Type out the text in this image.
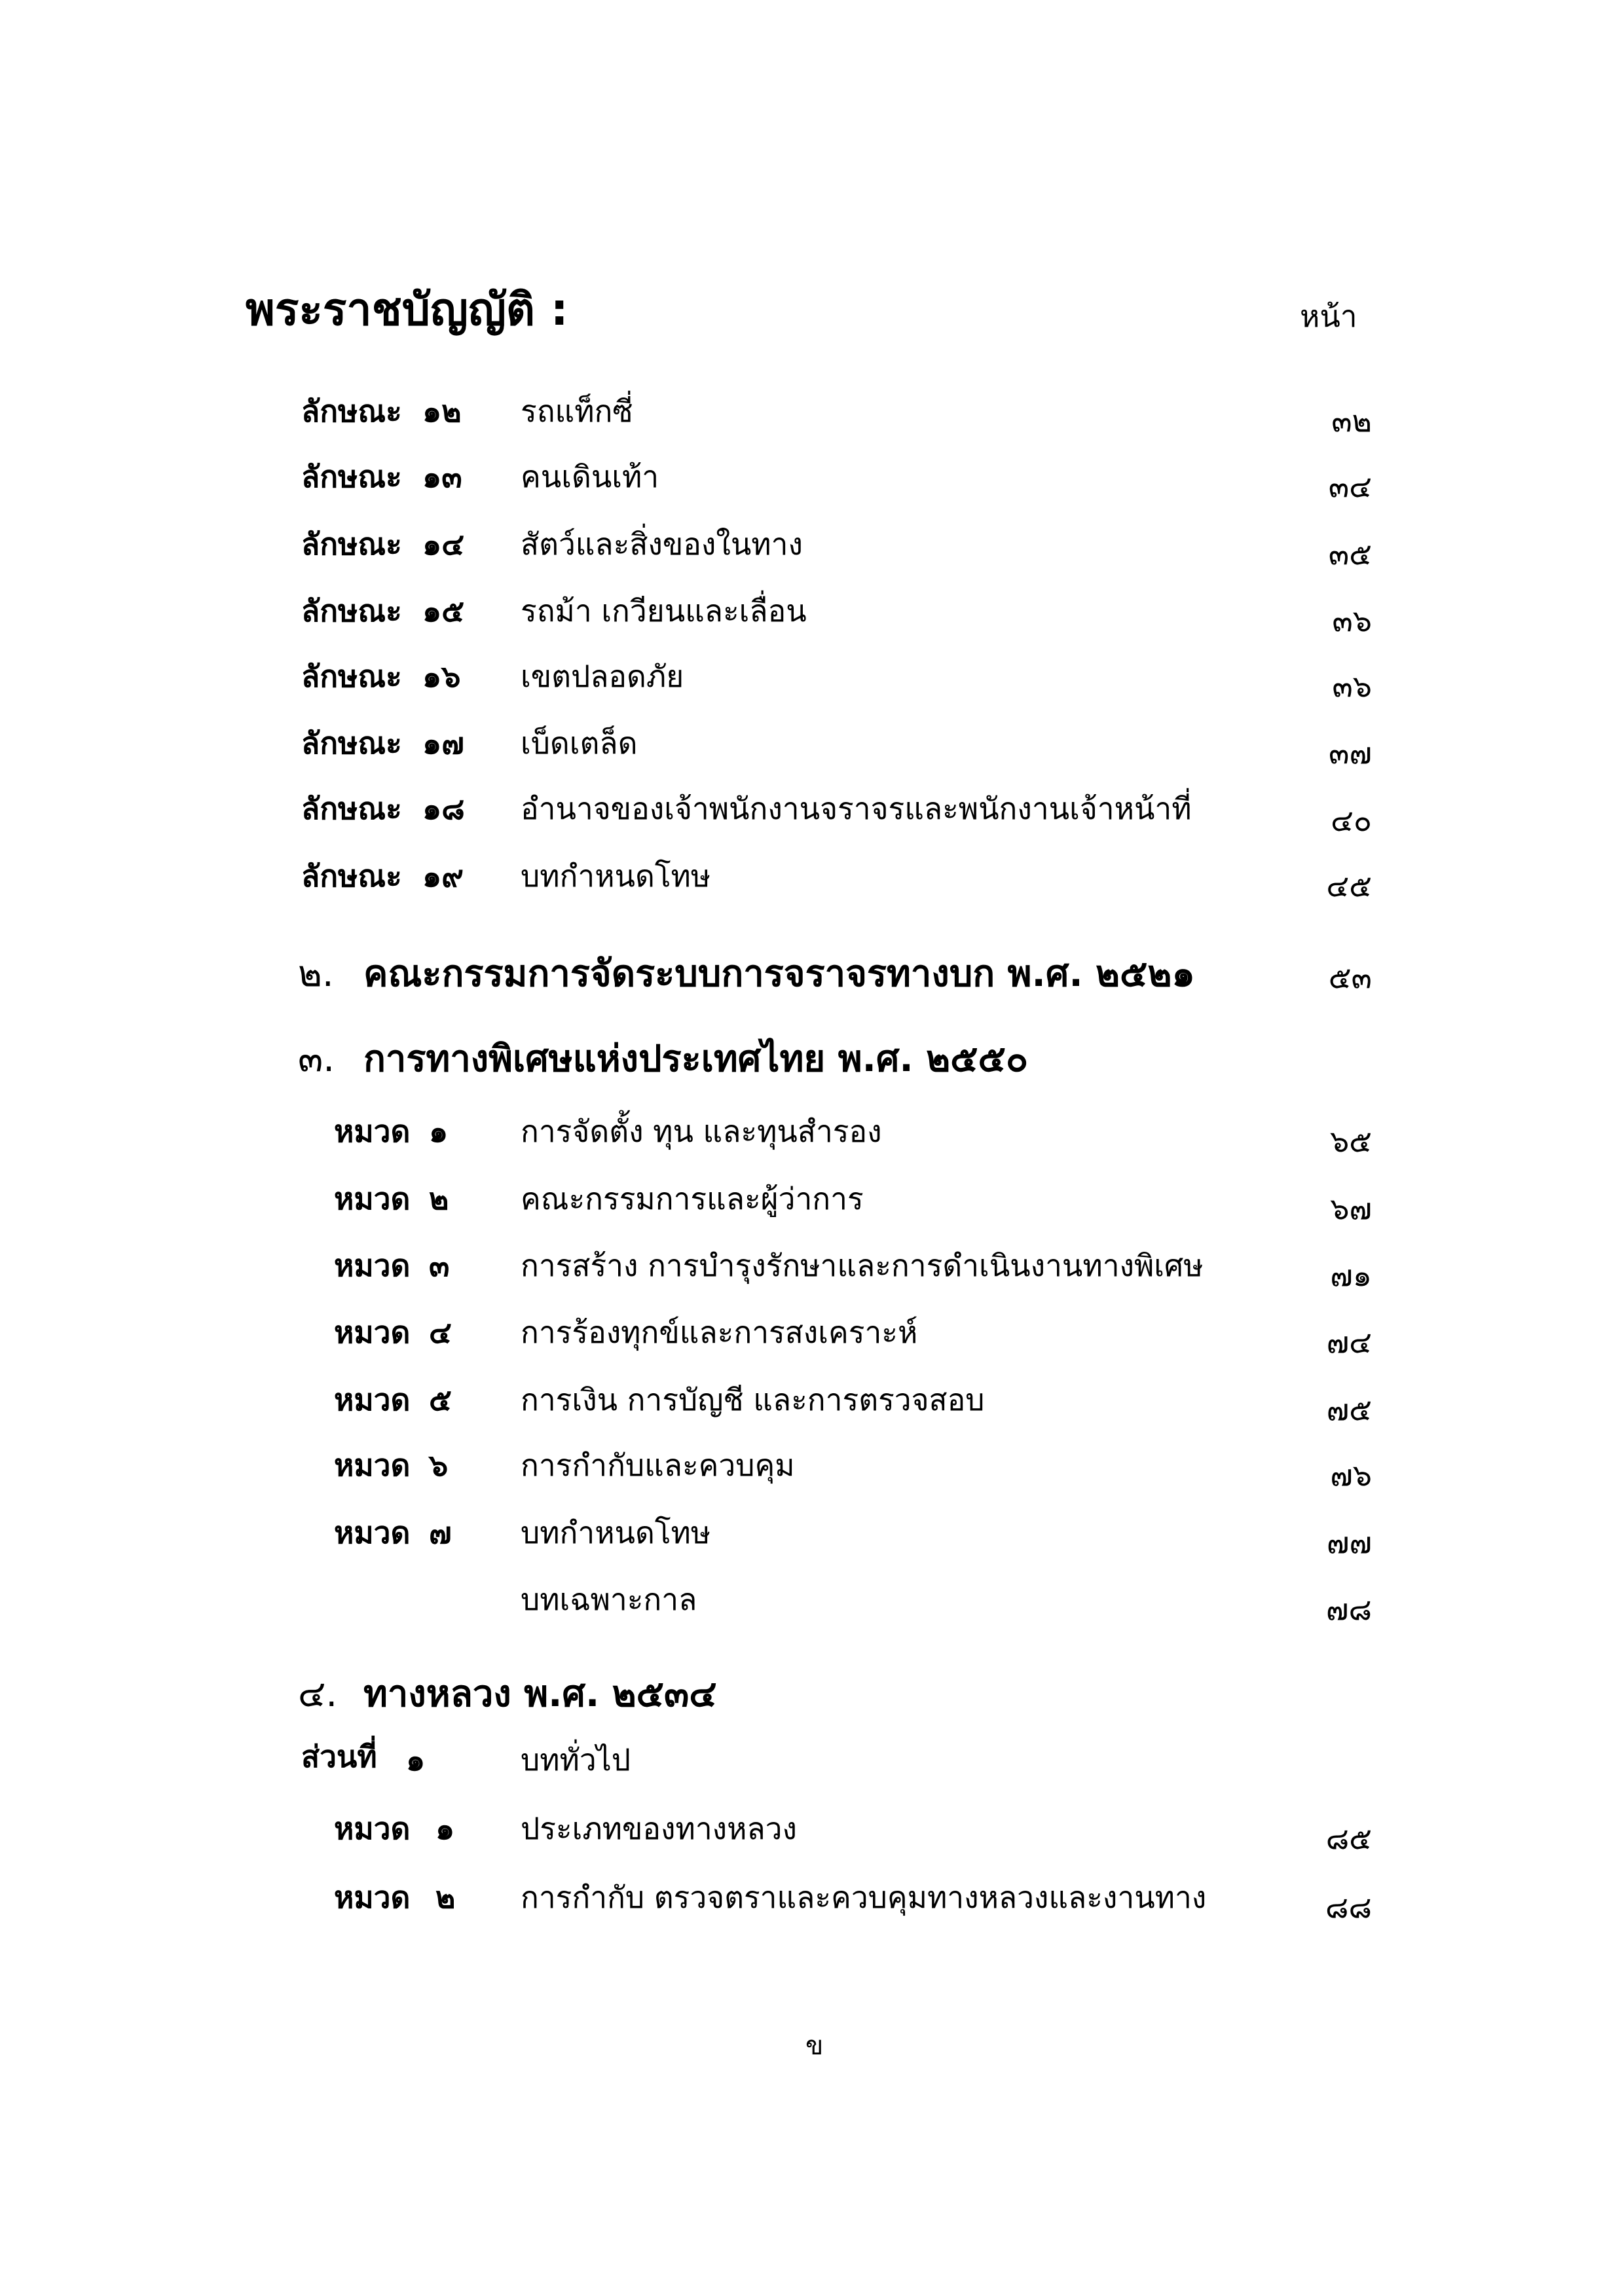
พระราชบัญญัติ :	หน้า
ลักษณะ ๑๒ รถแท็กซี่	๓๒
ลักษณะ ๑๓ คนเดินเท้า	๓๔
ลักษณะ ๑๔ สัตว์และสิ่งของในทาง	๓๕
ลักษณะ ๑๕ รถม้า เกวียนและเลื่อน	๓๖
ลักษณะ ๑๖ เขตปลอดภัย	๓๖
ลักษณะ ๑๗ เบ็ดเตล็ด	๓๗
ลักษณะ ๑๘ อำนาจของเจ้าพนักงานจราจรและพนักงานเจ้าหน้าที่	๔๐
ลักษณะ ๑๙ บทกำหนดโทษ	๔๕
๒. คณะกรรมการจัดระบบการจราจรทางบก พ.ศ. ๒๕๒๑	๕๓
๓. การทางพิเศษแห่งประเทศไทย พ.ศ. ๒๕๕๐
หมวด ๑ การจัดตั้ง ทุน และทุนสำรอง	๖๕
หมวด ๒ คณะกรรมการและผู้ว่าการ	๖๗
หมวด ๓ การสร้าง การบำรุงรักษาและการดำเนินงานทางพิเศษ	๗๑
หมวด ๔ การร้องทุกข์และการสงเคราะห์	๗๔
หมวด ๕ การเงิน การบัญชี และการตรวจสอบ	๗๕
หมวด ๖ การกำกับและควบคุม	๗๖
หมวด ๗ บทกำหนดโทษ	๗๗
บทเฉพาะกาล	๗๘
๔. ทางหลวง พ.ศ. ๒๕๓๔
ส่วนที่ ๑	บททั่วไป
หมวด ๑ ประเภทของทางหลวง	๘๕
หมวด ๒ การกำกับ ตรวจตราและควบคุมทางหลวงและงานทาง	๘๘
ข
